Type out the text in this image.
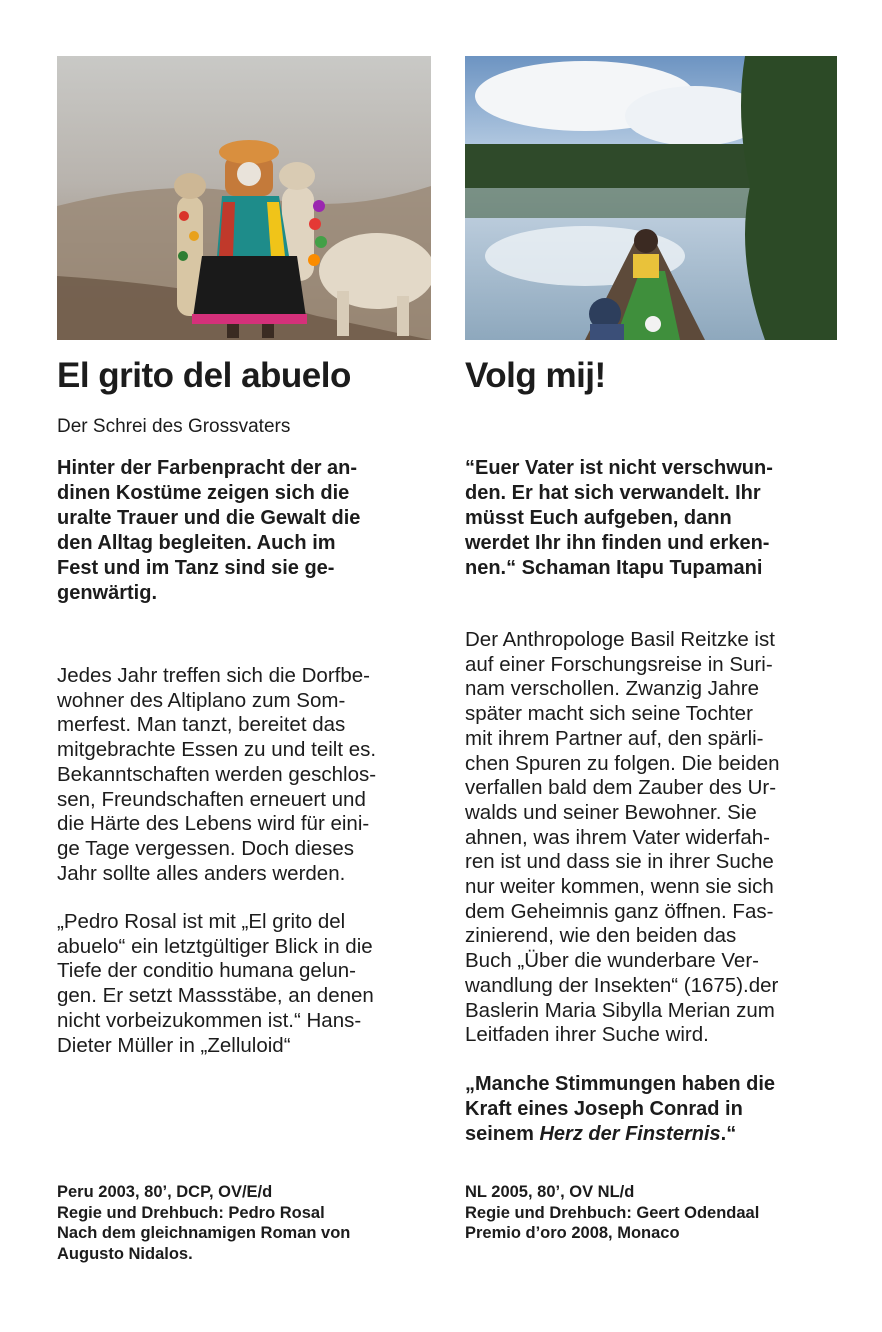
El grito del abuelo
Der Schrei des Grossvaters

Hinter der Farbenpracht der an-
dinen Kostüme zeigen sich die
uralte Trauer und die Gewalt die
den Alltag begleiten. Auch im
Fest und im Tanz sind sie ge-
genwärtig.

Jedes Jahr treffen sich die Dorfbe-
wohner des Altiplano zum Som-
merfest. Man tanzt, bereitet das
mitgebrachte Essen zu und teilt es.
Bekanntschaften werden geschlos-
sen, Freundschaften erneuert und
die Härte des Lebens wird für eini-
ge Tage vergessen. Doch dieses
Jahr sollte alles anders werden.

„Pedro Rosal ist mit „El grito del
abuelo“ ein letztgültiger Blick in die
Tiefe der conditio humana gelun-
gen. Er setzt Massstäbe, an denen
nicht vorbeizukommen ist.“ Hans-
Dieter Müller in „Zelluloid“

Peru 2003, 80’, DCP, OV/E/d
Regie und Drehbuch: Pedro Rosal
Nach dem gleichnamigen Roman von
Augusto Nidalos.
Volg mij!

“Euer Vater ist nicht verschwun-
den. Er hat sich verwandelt. Ihr
müsst Euch aufgeben, dann
werdet Ihr ihn finden und erken-
nen.“ Schaman Itapu Tupamani

Der Anthropologe Basil Reitzke ist
auf einer Forschungsreise in Suri-
nam verschollen. Zwanzig Jahre
später macht sich seine Tochter
mit ihrem Partner auf, den spärli-
chen Spuren zu folgen. Die beiden
verfallen bald dem Zauber des Ur-
walds und seiner Bewohner. Sie
ahnen, was ihrem Vater widerfah-
ren ist und dass sie in ihrer Suche
nur weiter kommen, wenn sie sich
dem Geheimnis ganz öffnen. Fas-
zinierend, wie den beiden das
Buch „Über die wunderbare Ver-
wandlung der Insekten“ (1675).der
Baslerin Maria Sibylla Merian zum
Leitfaden ihrer Suche wird.

„Manche Stimmungen haben die
Kraft eines Joseph Conrad in
seinem Herz der Finsternis.“

NL 2005, 80’, OV NL/d
Regie und Drehbuch: Geert Odendaal
Premio d’oro 2008, Monaco
